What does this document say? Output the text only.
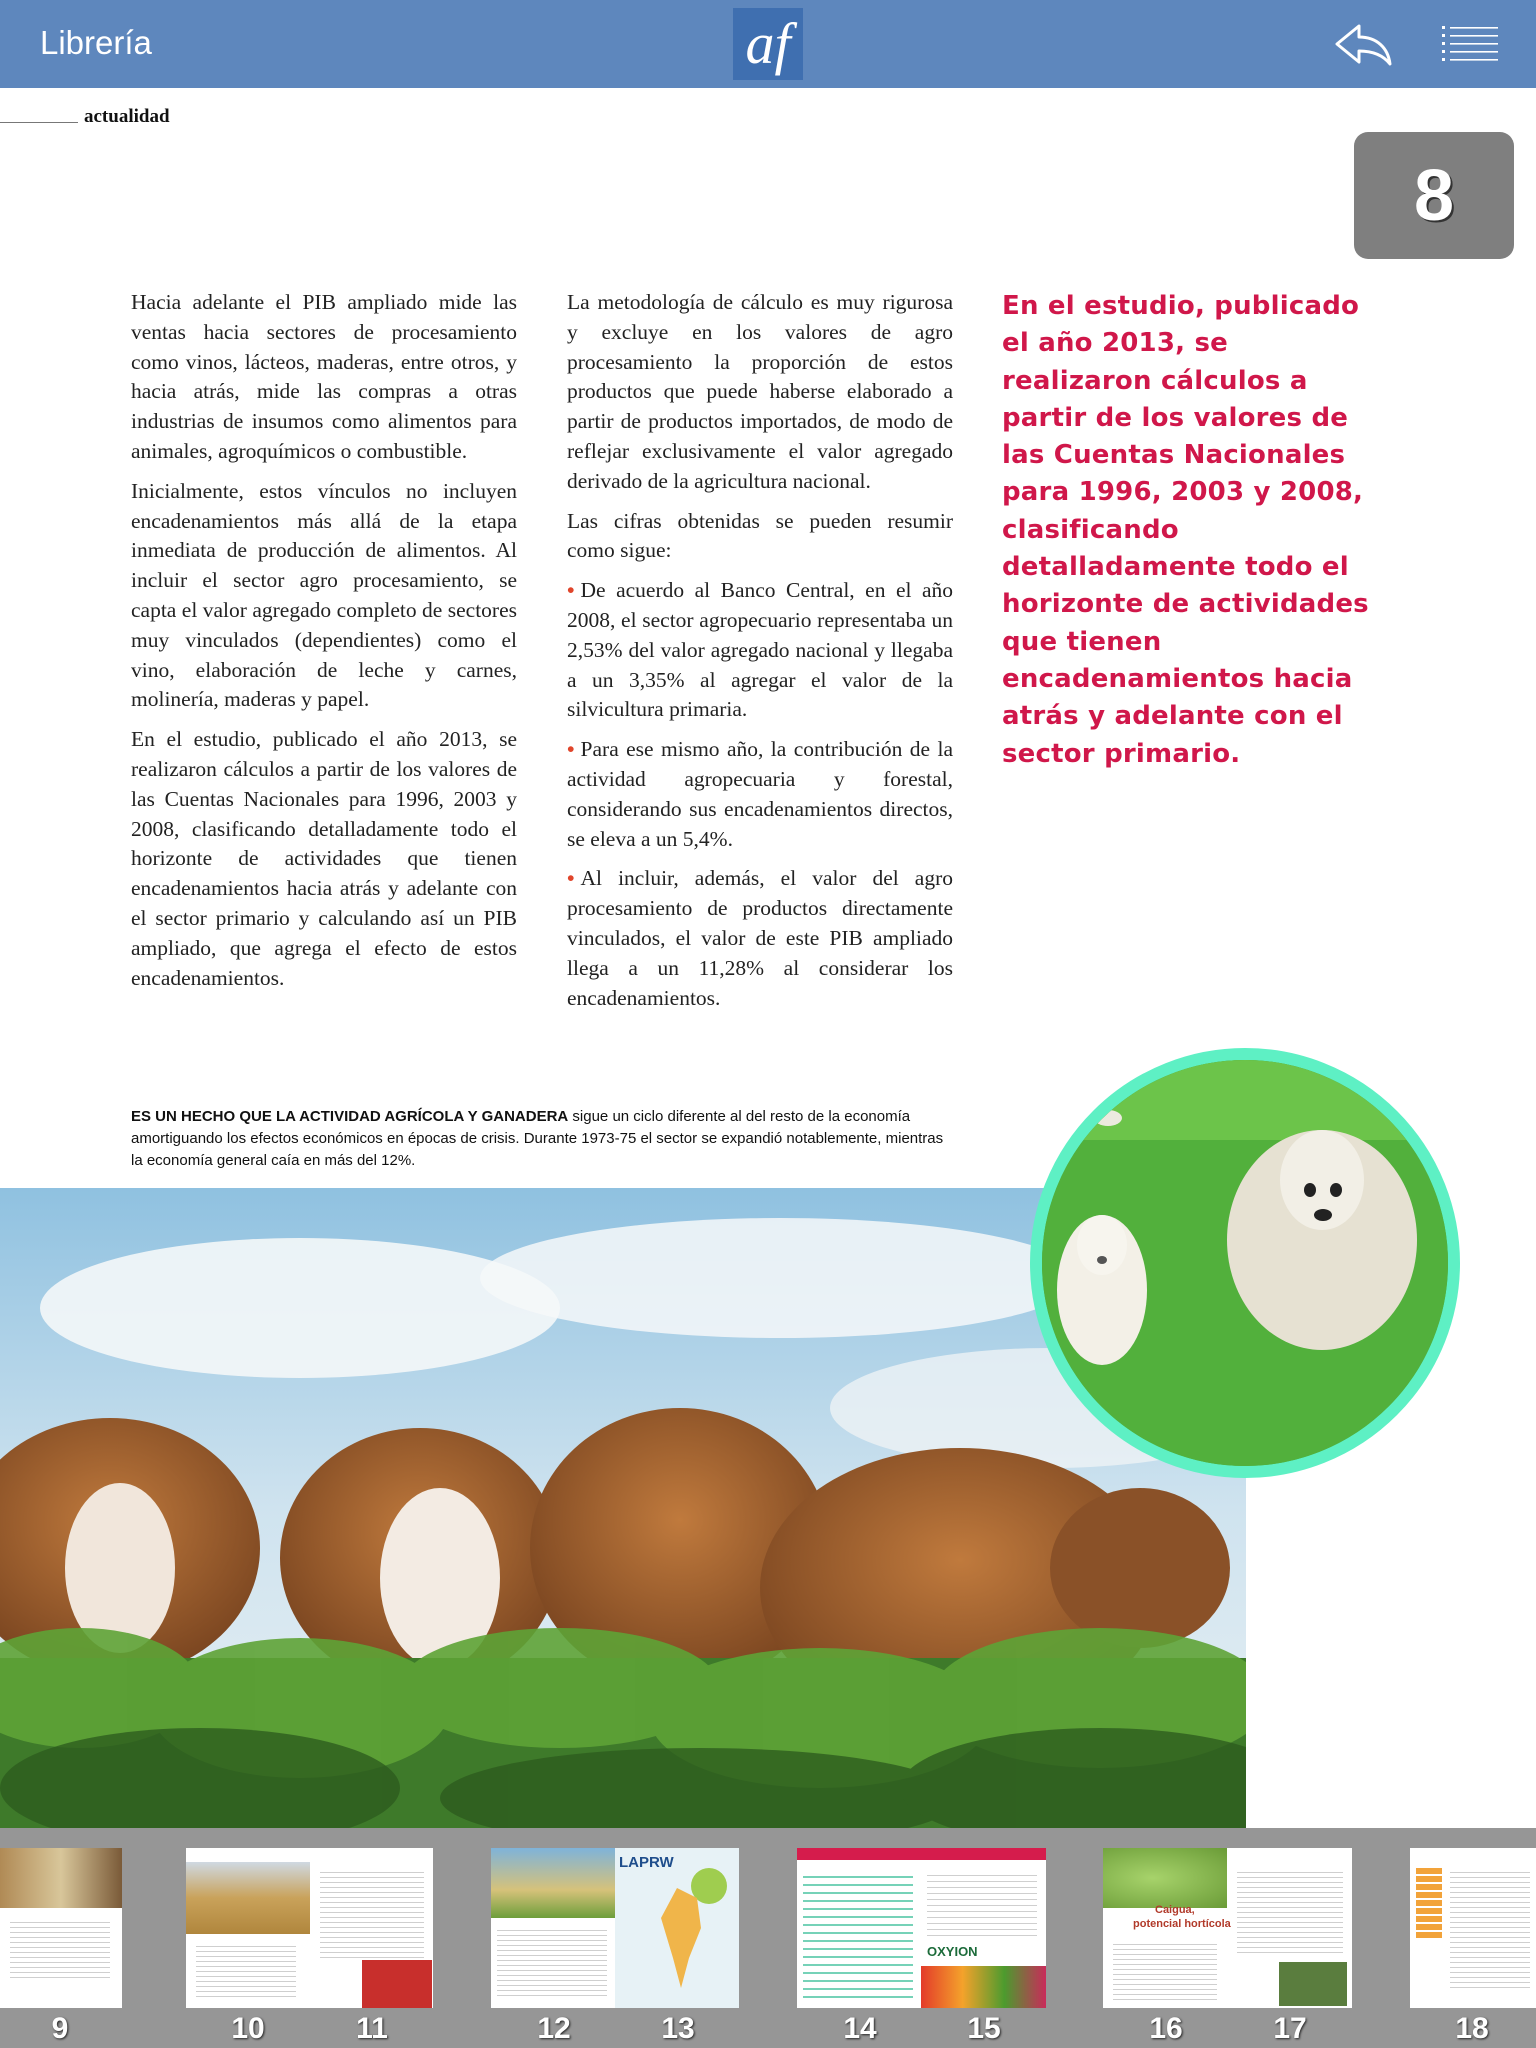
Librería	af
actualidad
8

Hacia adelante el PIB ampliado mide las ventas hacia sectores de procesamiento como vinos, lácteos, maderas, entre otros, y hacia atrás, mide las compras a otras industrias de insumos como alimentos para animales, agroquímicos o combustible.

Inicialmente, estos vínculos no incluyen encadenamientos más allá de la etapa inmediata de producción de alimentos. Al incluir el sector agro procesamiento, se capta el valor agregado completo de sectores muy vinculados (dependientes) como el vino, elaboración de leche y carnes, molinería, maderas y papel.

En el estudio, publicado el año 2013, se realizaron cálculos a partir de los valores de las Cuentas Nacionales para 1996, 2003 y 2008, clasificando detalladamente todo el horizonte de actividades que tienen encadenamientos hacia atrás y adelante con el sector primario y calculando así un PIB ampliado, que agrega el efecto de estos encadenamientos.

La metodología de cálculo es muy rigurosa y excluye en los valores de agro procesamiento la proporción de estos productos que puede haberse elaborado a partir de productos importados, de modo de reflejar exclusivamente el valor agregado derivado de la agricultura nacional.

Las cifras obtenidas se pueden resumir como sigue:

• De acuerdo al Banco Central, en el año 2008, el sector agropecuario representaba un 2,53% del valor agregado nacional y llegaba a un 3,35% al agregar el valor de la silvicultura primaria.

• Para ese mismo año, la contribución de la actividad agropecuaria y forestal, considerando sus encadenamientos directos, se eleva a un 5,4%.

• Al incluir, además, el valor del agro procesamiento de productos directamente vinculados, el valor de este PIB ampliado llega a un 11,28% al considerar los encadenamientos.

En el estudio, publicado el año 2013, se realizaron cálculos a partir de los valores de las Cuentas Nacionales para 1996, 2003 y 2008, clasificando detalladamente todo el horizonte de actividades que tienen encadenamientos hacia atrás y adelante con el sector primario.
ES UN HECHO QUE LA ACTIVIDAD AGRÍCOLA Y GANADERA sigue un ciclo diferente al del resto de la economía amortiguando los efectos económicos en épocas de crisis. Durante 1973-75 el sector se expandió notablemente, mientras la economía general caía en más del 12%.
LAPRW
OXYION
Caigua,
potencial hortícola
9	10	11	12	13	14	15	16	17	18
